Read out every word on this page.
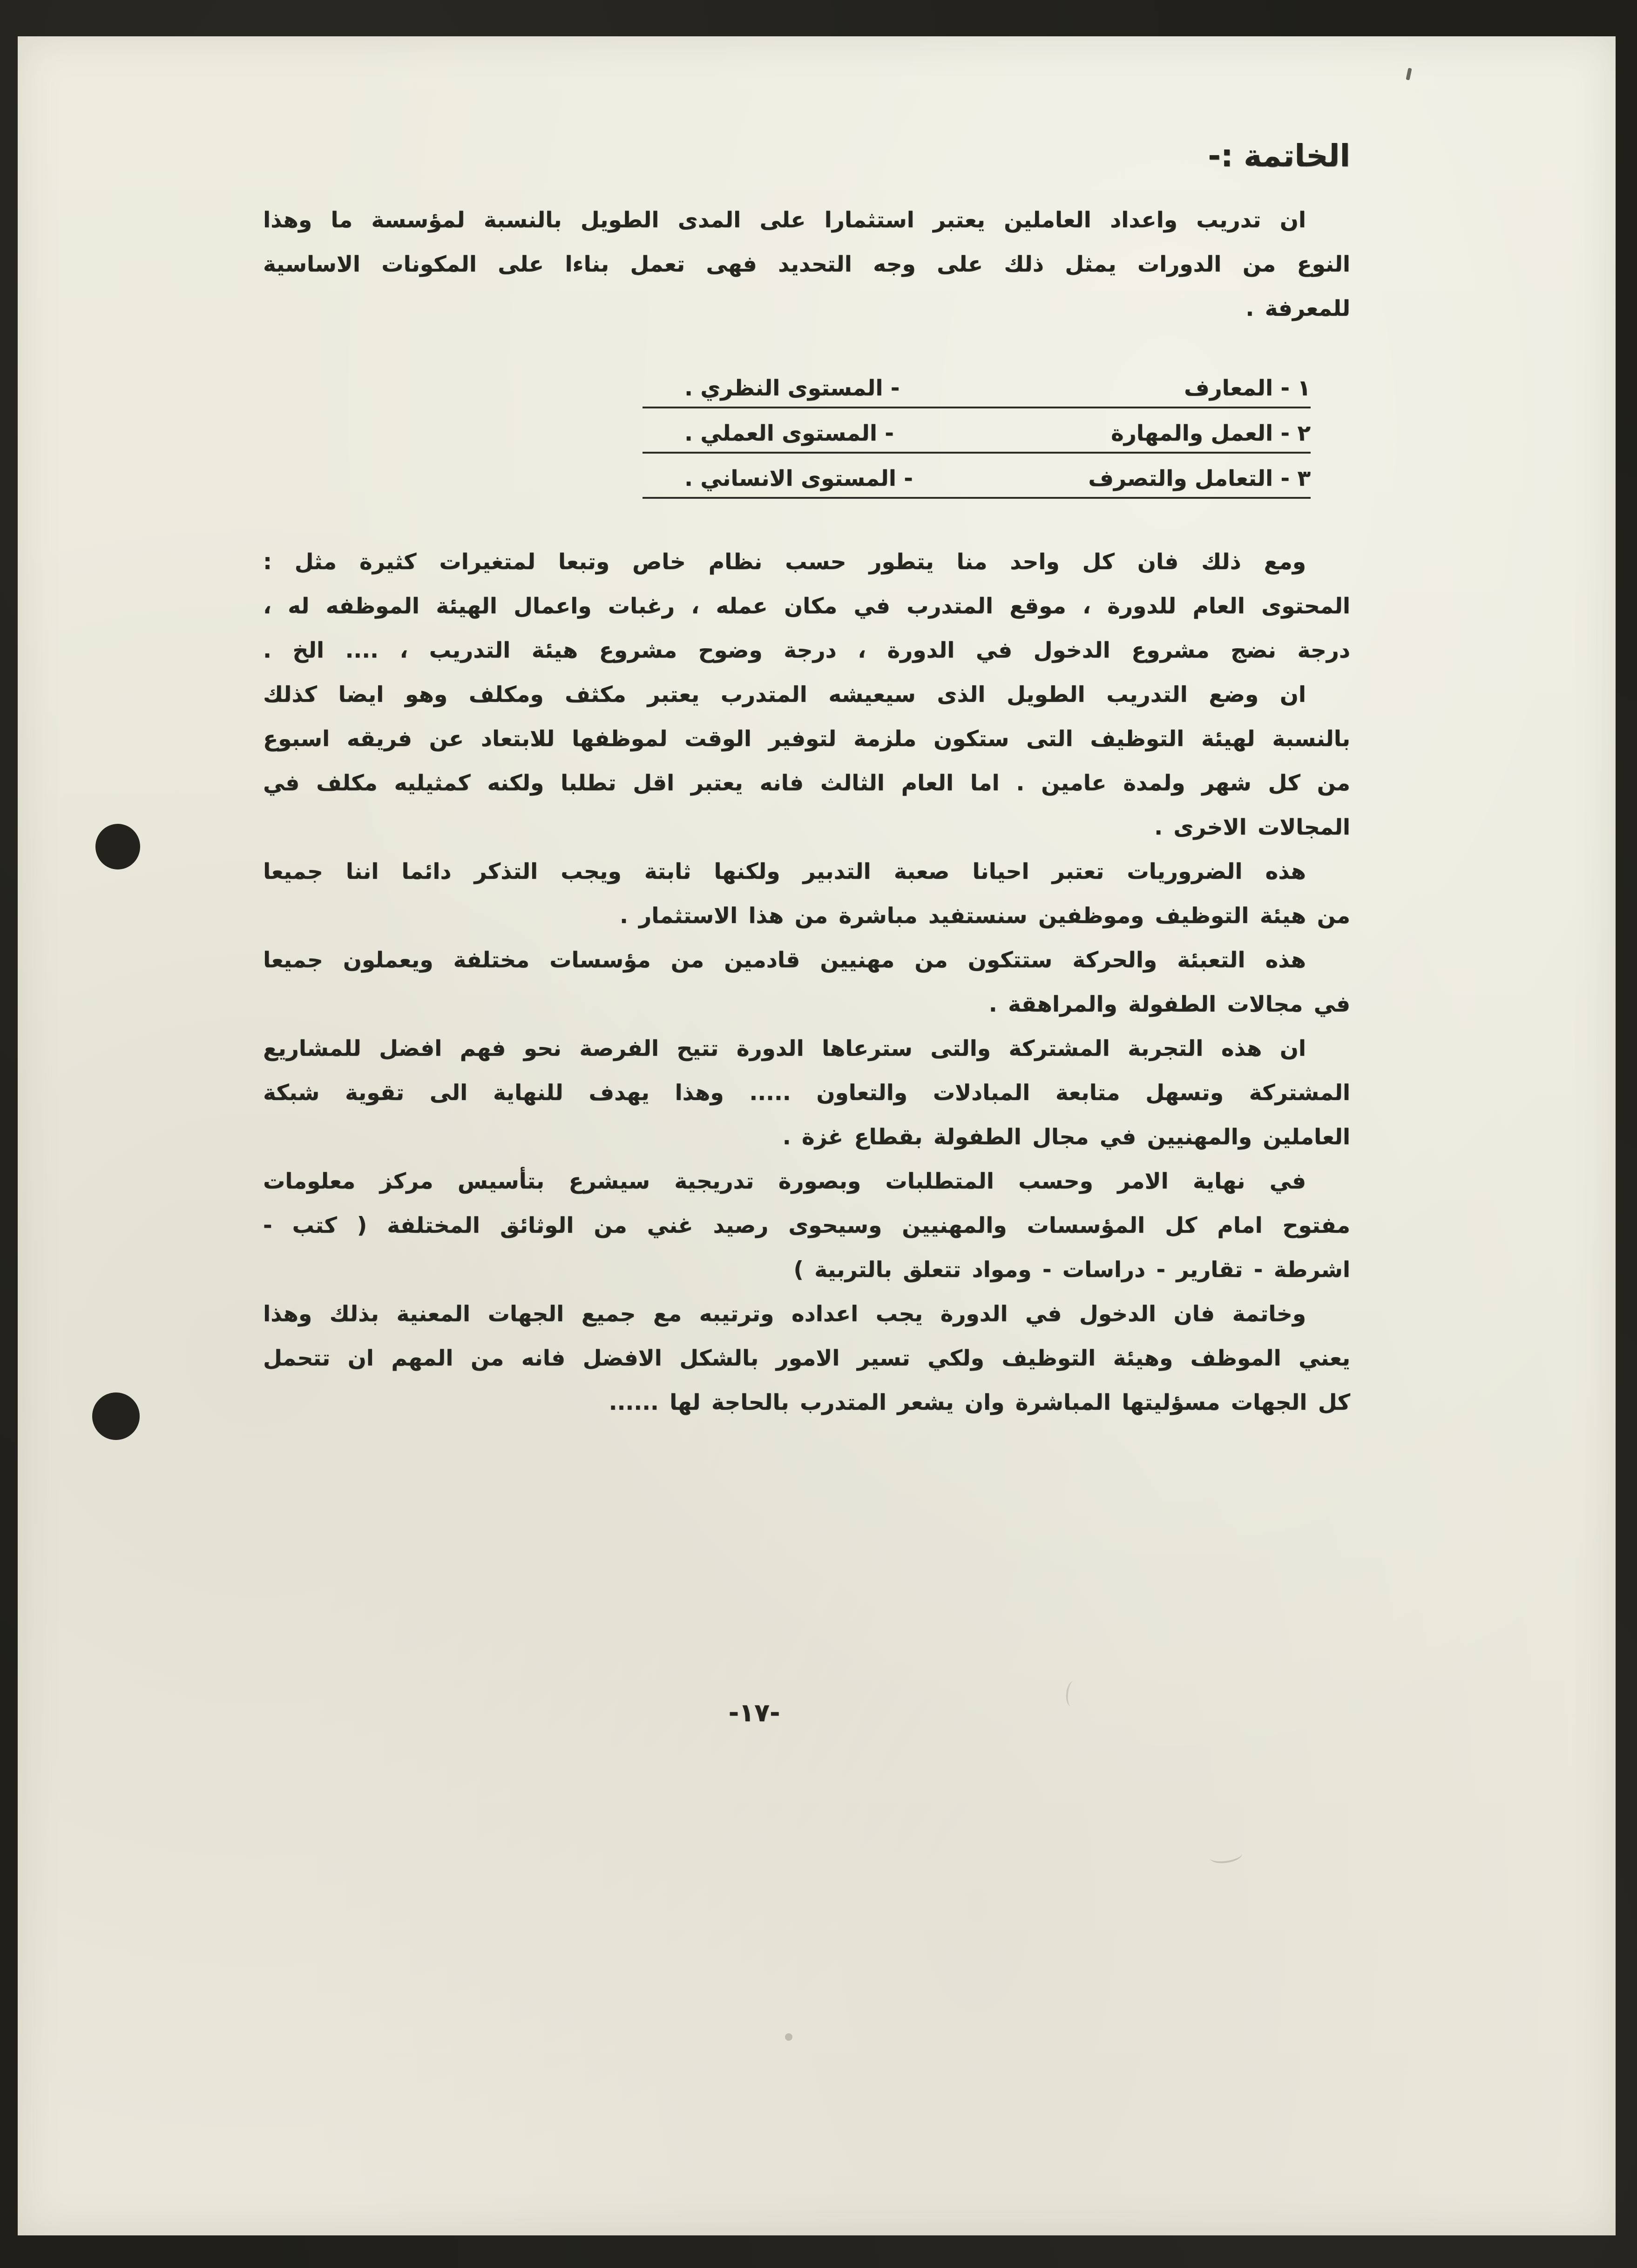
الخاتمة :-

ان تدريب واعداد العاملين يعتبر استثمارا على المدى الطويل بالنسبة لمؤسسة ما وهذا

النوع من الدورات يمثل ذلك على وجه التحديد فهى تعمل بناءا على المكونات الاساسية

للمعرفة .

١ - المعارف
- المستوى النظري .
٢ - العمل والمهارة
- المستوى العملي .
٣ - التعامل والتصرف
- المستوى الانساني .

ومع ذلك فان كل واحد منا يتطور حسب نظام خاص وتبعا لمتغيرات كثيرة مثل :

المحتوى العام للدورة ، موقع المتدرب في مكان عمله ، رغبات واعمال الهيئة الموظفه له ،

درجة نضج مشروع الدخول في الدورة ، درجة وضوح مشروع هيئة التدريب ، .... الخ .

ان وضع التدريب الطويل الذى سيعيشه المتدرب يعتبر مكثف ومكلف وهو ايضا كذلك

بالنسبة لهيئة التوظيف التى ستكون ملزمة لتوفير الوقت لموظفها للابتعاد عن فريقه اسبوع

من كل شهر ولمدة عامين . اما العام الثالث فانه يعتبر اقل تطلبا ولكنه كمثيليه مكلف في

المجالات الاخرى .

هذه الضروريات تعتبر احيانا صعبة التدبير ولكنها ثابتة ويجب التذكر دائما اننا جميعا

من هيئة التوظيف وموظفين سنستفيد مباشرة من هذا الاستثمار .

هذه التعبئة والحركة ستتكون من مهنيين قادمين من مؤسسات مختلفة ويعملون جميعا

في مجالات الطفولة والمراهقة .

ان هذه التجربة المشتركة والتى سترعاها الدورة تتيح الفرصة نحو فهم افضل للمشاريع

المشتركة وتسهل متابعة المبادلات والتعاون ..... وهذا يهدف للنهاية الى تقوية شبكة

العاملين والمهنيين في مجال الطفولة بقطاع غزة .

في نهاية الامر وحسب المتطلبات وبصورة تدريجية سيشرع بتأسيس مركز معلومات

مفتوح امام كل المؤسسات والمهنيين وسيحوى رصيد غني من الوثائق المختلفة ( كتب -

اشرطة - تقارير - دراسات - ومواد تتعلق بالتربية )

وخاتمة فان الدخول في الدورة يجب اعداده وترتيبه مع جميع الجهات المعنية بذلك وهذا

يعني الموظف وهيئة التوظيف ولكي تسير الامور بالشكل الافضل فانه من المهم ان تتحمل

كل الجهات مسؤليتها المباشرة وان يشعر المتدرب بالحاجة لها ......

-١٧-
